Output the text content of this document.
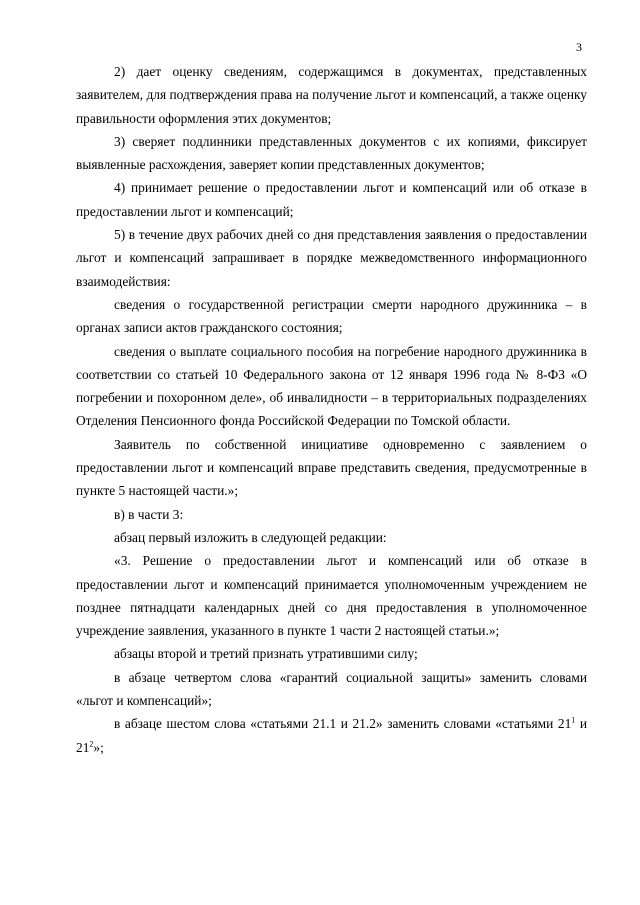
3

2) дает оценку сведениям, содержащимся в документах, представленных заявителем, для подтверждения права на получение льгот и компенсаций, а также оценку правильности оформления этих документов;

3) сверяет подлинники представленных документов с их копиями, фиксирует выявленные расхождения, заверяет копии представленных документов;

4) принимает решение о предоставлении льгот и компенсаций или об отказе в предоставлении льгот и компенсаций;

5) в течение двух рабочих дней со дня представления заявления о предоставлении льгот и компенсаций запрашивает в порядке межведомственного информационного взаимодействия:

сведения о государственной регистрации смерти народного дружинника – в органах записи актов гражданского состояния;

сведения о выплате социального пособия на погребение народного дружинника в соответствии со статьей 10 Федерального закона от 12 января 1996 года № 8-ФЗ «О погребении и похоронном деле», об инвалидности – в территориальных подразделениях Отделения Пенсионного фонда Российской Федерации по Томской области.

Заявитель по собственной инициативе одновременно с заявлением о предоставлении льгот и компенсаций вправе представить сведения, предусмотренные в пункте 5 настоящей части.»;

в) в части 3:

абзац первый изложить в следующей редакции:

«3. Решение о предоставлении льгот и компенсаций или об отказе в предоставлении льгот и компенсаций принимается уполномоченным учреждением не позднее пятнадцати календарных дней со дня предоставления в уполномоченное учреждение заявления, указанного в пункте 1 части 2 настоящей статьи.»;

абзацы второй и третий признать утратившими силу;

в абзаце четвертом слова «гарантий социальной защиты» заменить словами «льгот и компенсаций»;

в абзаце шестом слова «статьями 21.1 и 21.2» заменить словами «статьями $21^1$ и $21^2$»;
